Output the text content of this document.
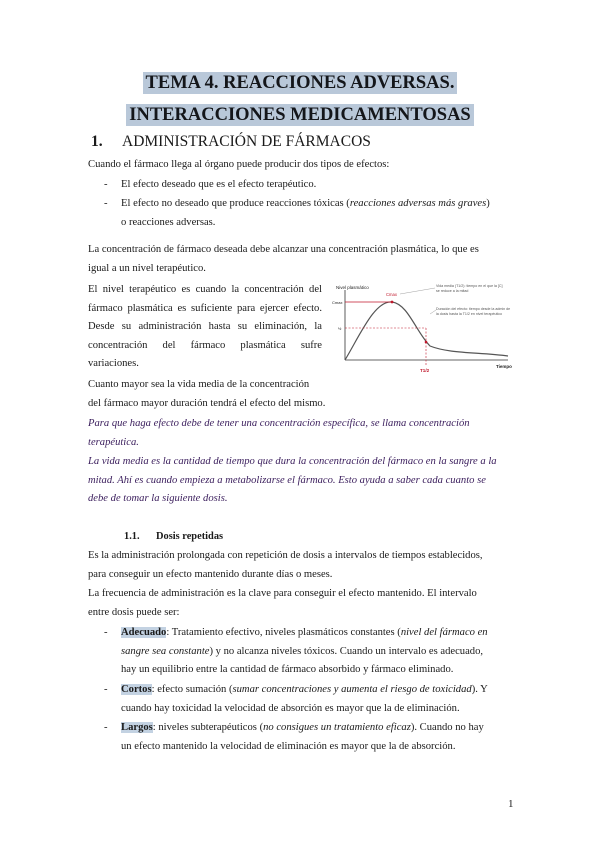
TEMA 4. REACCIONES ADVERSAS.
INTERACCIONES MEDICAMENTOSAS
1. ADMINISTRACIÓN DE FÁRMACOS
Cuando el fármaco llega al órgano puede producir dos tipos de efectos:
- El efecto deseado que es el efecto terapéutico.
- El efecto no deseado que produce reacciones tóxicas (reacciones adversas más graves)
o reacciones adversas.
La concentración de fármaco deseada debe alcanzar una concentración plasmática, lo que es
igual a un nivel terapéutico.
El nivel terapéutico es cuando la concentración del
fármaco plasmática es suficiente para ejercer efecto.
Desde su administración hasta su eliminación, la
concentración del fármaco plasmática sufre
variaciones.
Cuanto mayor sea la vida media de la concentración
del fármaco mayor duración tendrá el efecto del mismo.
Nivel plasmático
Cmax
Cmax
½
T1/2
Tiempo
Vida media (T1/2): tiempo en el que la [C]
se reduce a la mitad
Duración del efecto: tiempo desde la admin de
la dosis hasta la T1/2 en nivel terapéutico
Para que haga efecto debe de tener una concentración específica, se llama concentración
terapéutica.
La vida media es la cantidad de tiempo que dura la concentración del fármaco en la sangre a la
mitad. Ahí es cuando empieza a metabolizarse el fármaco. Esto ayuda a saber cada cuanto se
debe de tomar la siguiente dosis.
1.1. Dosis repetidas
Es la administración prolongada con repetición de dosis a intervalos de tiempos establecidos,
para conseguir un efecto mantenido durante días o meses.
La frecuencia de administración es la clave para conseguir el efecto mantenido. El intervalo
entre dosis puede ser:
- Adecuado: Tratamiento efectivo, niveles plasmáticos constantes (nivel del fármaco en
sangre sea constante) y no alcanza niveles tóxicos. Cuando un intervalo es adecuado,
hay un equilibrio entre la cantidad de fármaco absorbido y fármaco eliminado.
- Cortos: efecto sumación (sumar concentraciones y aumenta el riesgo de toxicidad). Y
cuando hay toxicidad la velocidad de absorción es mayor que la de eliminación.
- Largos: niveles subterapéuticos (no consigues un tratamiento eficaz). Cuando no hay
un efecto mantenido la velocidad de eliminación es mayor que la de absorción.
1
